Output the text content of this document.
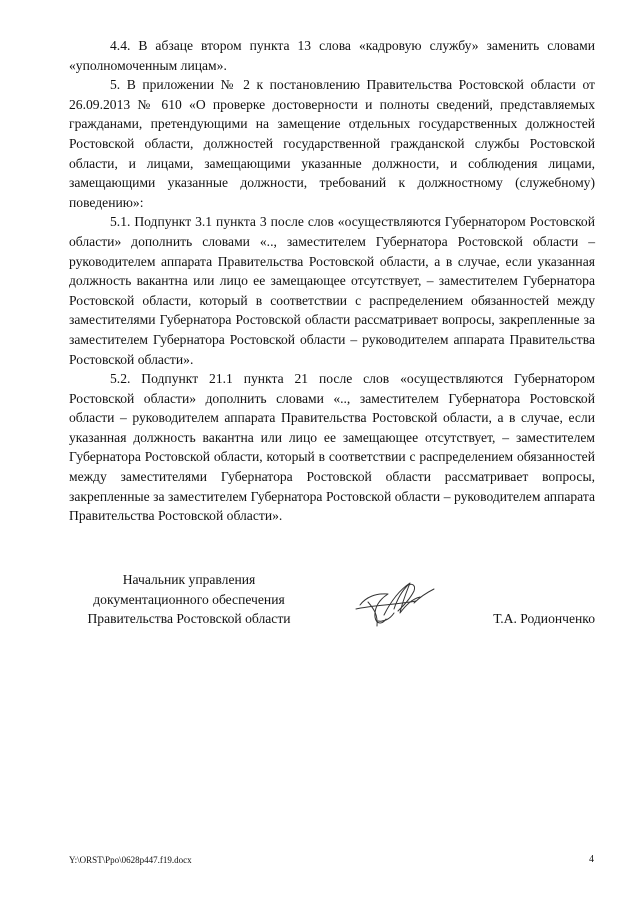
4.4. В абзаце втором пункта 13 слова «кадровую службу» заменить словами «уполномоченным лицам».

5. В приложении № 2 к постановлению Правительства Ростовской области от 26.09.2013 № 610 «О проверке достоверности и полноты сведений, представляемых гражданами, претендующими на замещение отдельных государственных должностей Ростовской области, должностей государственной гражданской службы Ростовской области, и лицами, замещающими указанные должности, и соблюдения лицами, замещающими указанные должности, требований к должностному (служебному) поведению»:

5.1. Подпункт 3.1 пункта 3 после слов «осуществляются Губернатором Ростовской области» дополнить словами «.., заместителем Губернатора Ростовской области – руководителем аппарата Правительства Ростовской области, а в случае, если указанная должность вакантна или лицо ее замещающее отсутствует, – заместителем Губернатора Ростовской области, который в соответствии с распределением обязанностей между заместителями Губернатора Ростовской области рассматривает вопросы, закрепленные за заместителем Губернатора Ростовской области – руководителем аппарата Правительства Ростовской области».

5.2. Подпункт 21.1 пункта 21 после слов «осуществляются Губернатором Ростовской области» дополнить словами «.., заместителем Губернатора Ростовской области – руководителем аппарата Правительства Ростовской области, а в случае, если указанная должность вакантна или лицо ее замещающее отсутствует, – заместителем Губернатора Ростовской области, который в соответствии с распределением обязанностей между заместителями Губернатора Ростовской области рассматривает вопросы, закрепленные за заместителем Губернатора Ростовской области – руководителем аппарата Правительства Ростовской области».

Начальник управления
документационного обеспечения
Правительства Ростовской области	Т.А. Родионченко
Y:\ORST\Ppo\0628p447.f19.docx	4
